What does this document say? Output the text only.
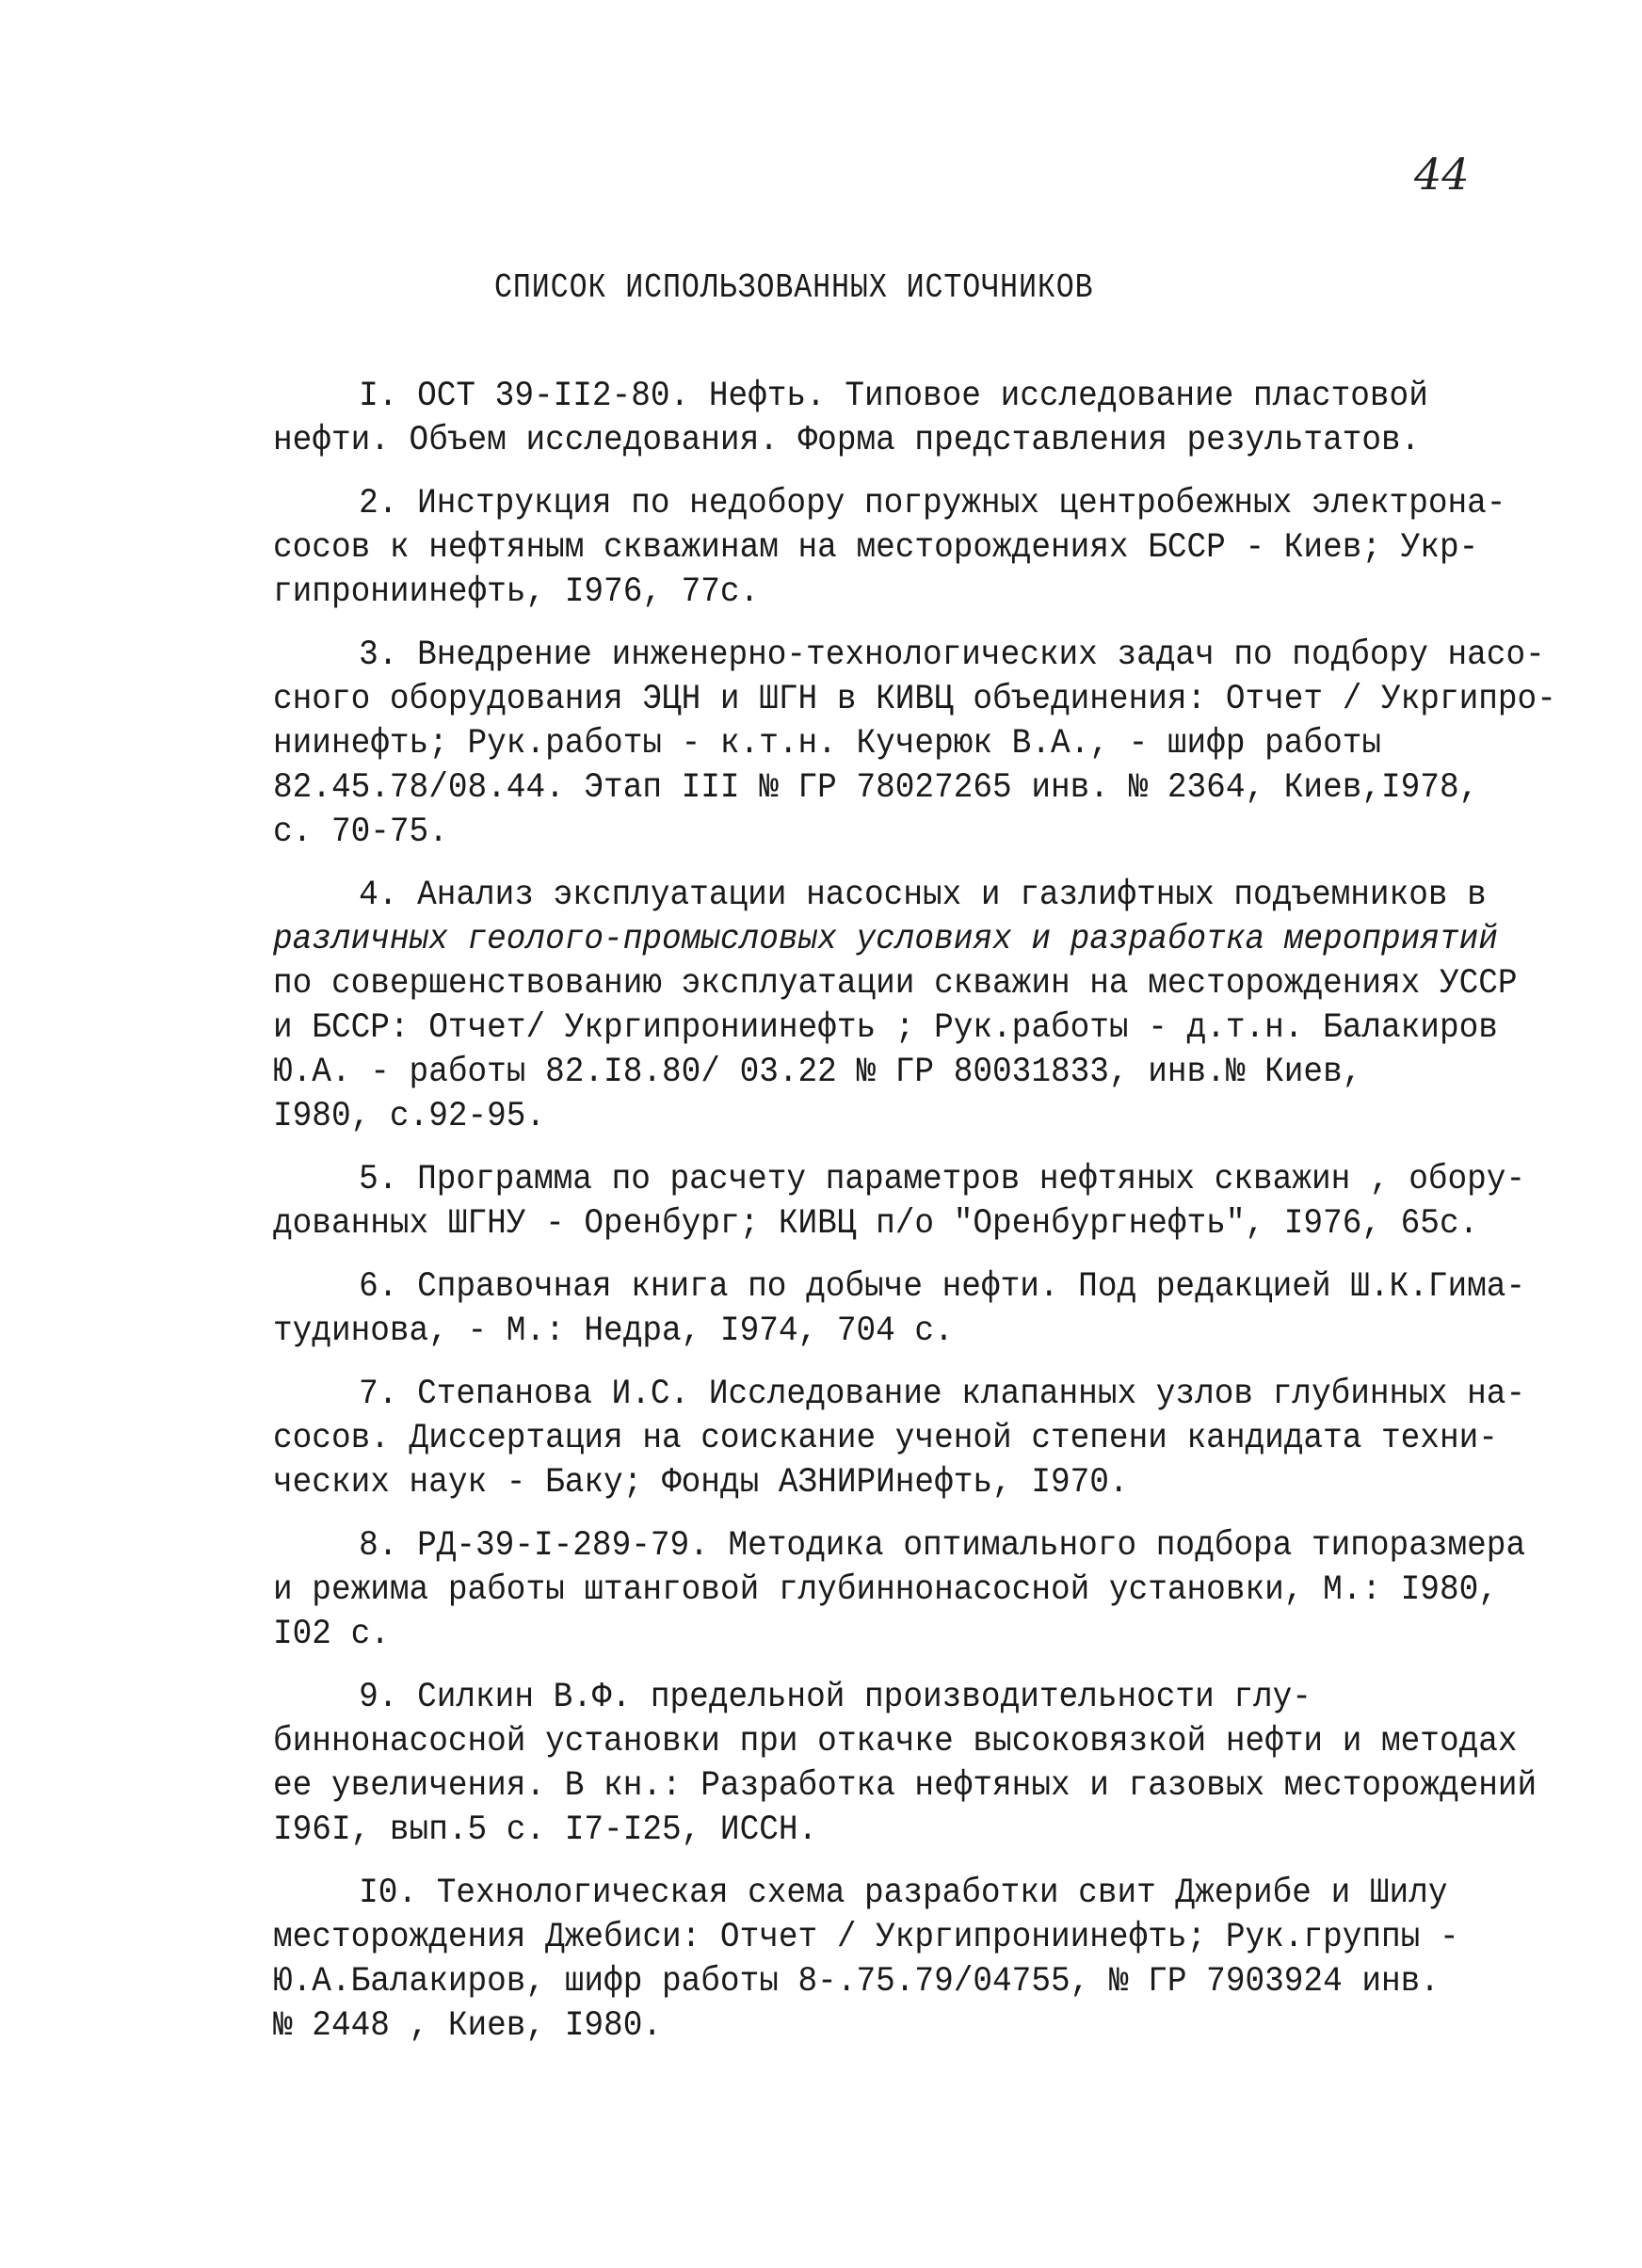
44
СПИСОК ИСПОЛЬЗОВАННЫХ ИСТОЧНИКОВ
I. ОСТ 39-II2-80. Нефть. Типовое исследование пластовой
нефти. Объем исследования. Форма представления результатов.
2. Инструкция по недобору погружных центробежных электрона-
сосов к нефтяным скважинам на месторождениях БССР - Киев; Укр-
гипрониинефть, I976, 77с.
3. Внедрение инженерно-технологических задач по подбору насо-
сного оборудования ЭЦН и ШГН в КИВЦ объединения: Отчет / Укргипро-
ниинефть; Рук.работы - к.т.н. Кучерюк В.А., - шифр работы
82.45.78/08.44. Этап III № ГР 78027265 инв. № 2364, Киев,I978,
с. 70-75.
4. Анализ эксплуатации насосных и газлифтных подъемников в
различных геолого-промысловых условиях и разработка мероприятий
по совершенствованию эксплуатации скважин на месторождениях УССР
и БССР: Отчет/ Укргипрониинефть ; Рук.работы - д.т.н. Балакиров
Ю.А. - работы 82.I8.80/ 03.22 № ГР 80031833, инв.№ Киев,
I980, с.92-95.
5. Программа по расчету параметров нефтяных скважин , обору-
дованных ШГНУ - Оренбург; КИВЦ п/о "Оренбургнефть", I976, 65с.
6. Справочная книга по добыче нефти. Под редакцией Ш.К.Гима-
тудинова, - М.: Недра, I974, 704 с.
7. Степанова И.С. Исследование клапанных узлов глубинных на-
сосов. Диссертация на соискание ученой степени кандидата техни-
ческих наук - Баку; Фонды АЗНИРИнефть, I970.
8. РД-39-I-289-79. Методика оптимального подбора типоразмера
и режима работы штанговой глубиннонасосной установки, М.: I980,
I02 с.
9. Силкин В.Ф. предельной производительности глу-
биннонасосной установки при откачке высоковязкой нефти и методах
ее увеличения. В кн.: Разработка нефтяных и газовых месторождений
I96I, вып.5 с. I7-I25, ИССН.
I0. Технологическая схема разработки свит Джерибе и Шилу
месторождения Джебиси: Отчет / Укргипрониинефть; Рук.группы -
Ю.А.Балакиров, шифр работы 8-.75.79/04755, № ГР 7903924 инв.
№ 2448 , Киев, I980.
